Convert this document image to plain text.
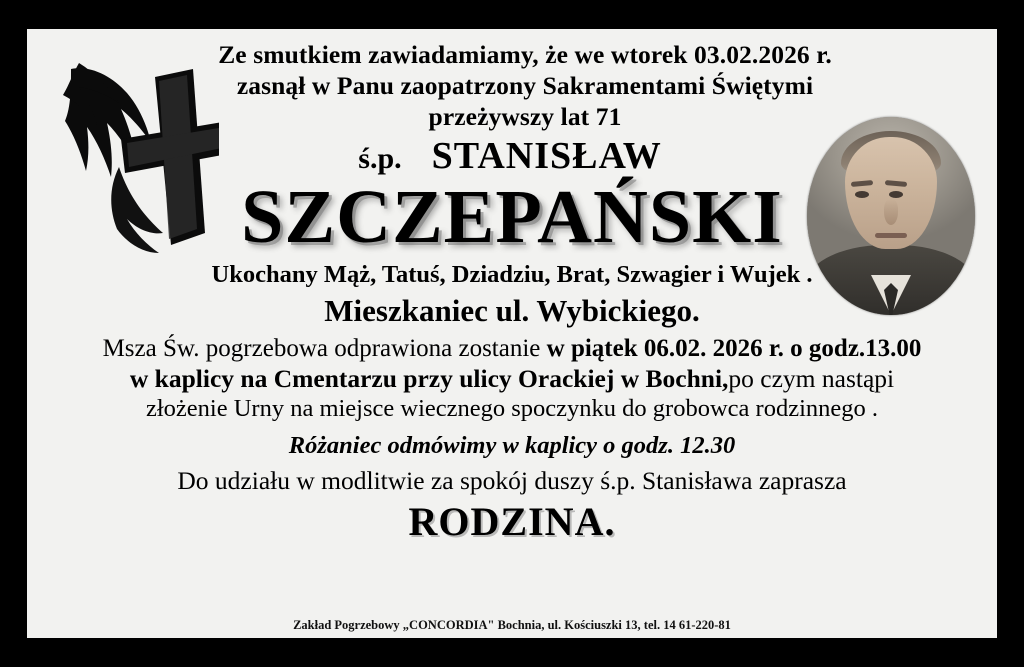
Ze smutkiem zawiadamiamy, że we wtorek 03.02.2026 r.
zasnął w Panu zaopatrzony Sakramentami Świętymi
przeżywszy lat 71
ś.p. STANISŁAW
SZCZEPAŃSKI
Ukochany Mąż, Tatuś, Dziadziu, Brat, Szwagier i Wujek .
Mieszkaniec ul. Wybickiego.
Msza Św. pogrzebowa odprawiona zostanie w piątek 06.02. 2026 r. o godz.13.00
w kaplicy na Cmentarzu przy ulicy Orackiej w Bochni,po czym nastąpi
złożenie Urny na miejsce wiecznego spoczynku do grobowca rodzinnego .
Różaniec odmówimy w kaplicy o godz. 12.30
Do udziału w modlitwie za spokój duszy ś.p. Stanisława zaprasza
RODZINA.
Zakład Pogrzebowy „CONCORDIA" Bochnia, ul. Kościuszki 13, tel. 14 61-220-81
